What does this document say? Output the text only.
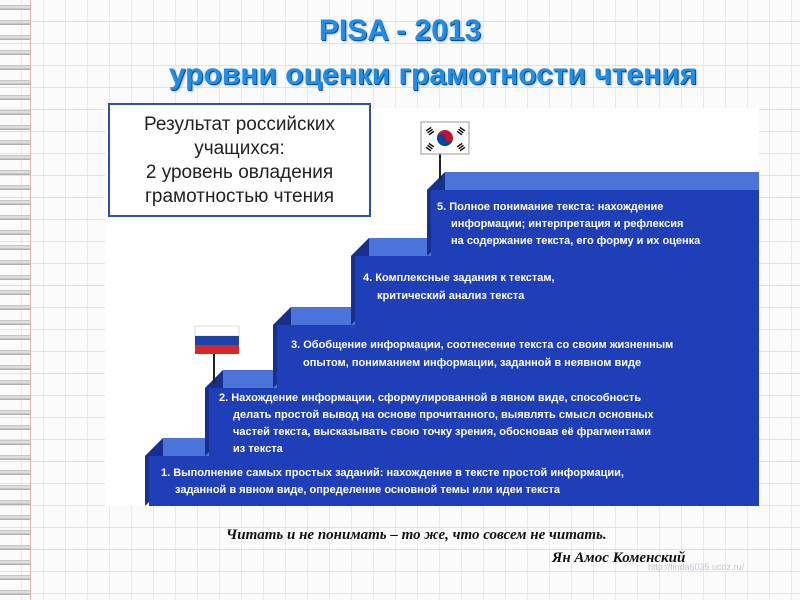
PISA - 2013
уровни оценки грамотности чтения
1. Выполнение самых простых заданий: нахождение в тексте простой информации,
заданной в явном виде, определение основной темы или идеи текста
2. Нахождение информации, сформулированной в явном виде, способность
делать простой вывод на основе прочитанного, выявлять смысл основных
частей текста, высказывать свою точку зрения, обосновав её фрагментами
из текста
3. Обобщение информации, соотнесение текста со своим жизненным
опытом, пониманием информации, заданной в неявном виде
4. Комплексные задания к текстам,
критический анализ текста
5. Полное понимание текста: нахождение
информации; интерпретация и рефлексия
на содержание текста, его форму и их оценка
Результат российских
учащихся:
2 уровень овладения
грамотностью чтения
Читать и не понимать – то же, что совсем не читать.
Ян Амос Коменский
http://linda6035.ucoz.ru/
